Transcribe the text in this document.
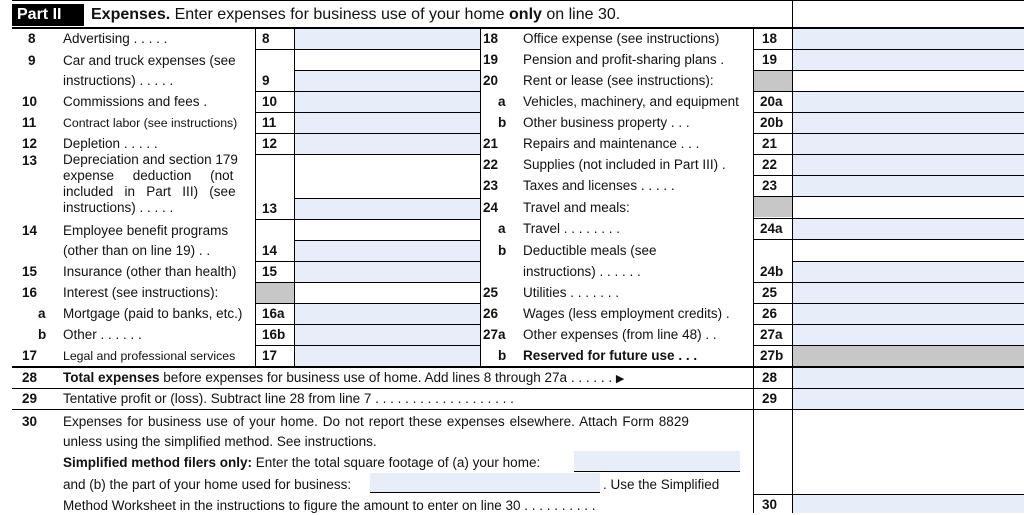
Part II	Expenses. Enter expenses for business use of your home only on line 30.
8 Advertising . . . . .	8
9 Car and truck expenses (see
instructions) . . . . .	9
10 Commissions and fees .	10
11 Contract labor (see instructions)	11
12 Depletion . . . . .	12
13 Depreciation and section 179
expense     deduction     (not
included   in   Part   III)   (see
instructions) . . . . .	13
14 Employee benefit programs
(other than on line 19) . .	14
15 Insurance (other than health)	15
16 Interest (see instructions):
a Mortgage (paid to banks, etc.)	16a
b Other . . . . . .	16b
17 Legal and professional services	17
18 Office expense (see instructions)	18
19 Pension and profit-sharing plans .	19
20 Rent or lease (see instructions):
a Vehicles, machinery, and equipment	20a
b Other business property . . .	20b
21 Repairs and maintenance . . .	21
22 Supplies (not included in Part III) .	22
23 Taxes and licenses . . . . .	23
24 Travel and meals:
a Travel . . . . . . . .	24a
b Deductible meals (see
instructions) . . . . . .	24b
25 Utilities . . . . . . .	25
26 Wages (less employment credits) .	26
27a Other expenses (from line 48) . .	27a
b Reserved for future use . . .	27b
28 Total expenses before expenses for business use of home. Add lines 8 through 27a . . . . . . ▶	28
29 Tentative profit or (loss). Subtract line 28 from line 7 . . . . . . . . . . . . . . . . . . .	29
30 Expenses for business use of your home. Do not report these expenses elsewhere. Attach Form 8829
unless using the simplified method. See instructions.
Simplified method filers only: Enter the total square footage of (a) your home:
and (b) the part of your home used for business:	. Use the Simplified
Method Worksheet in the instructions to figure the amount to enter on line 30 . . . . . . . . . .	30
